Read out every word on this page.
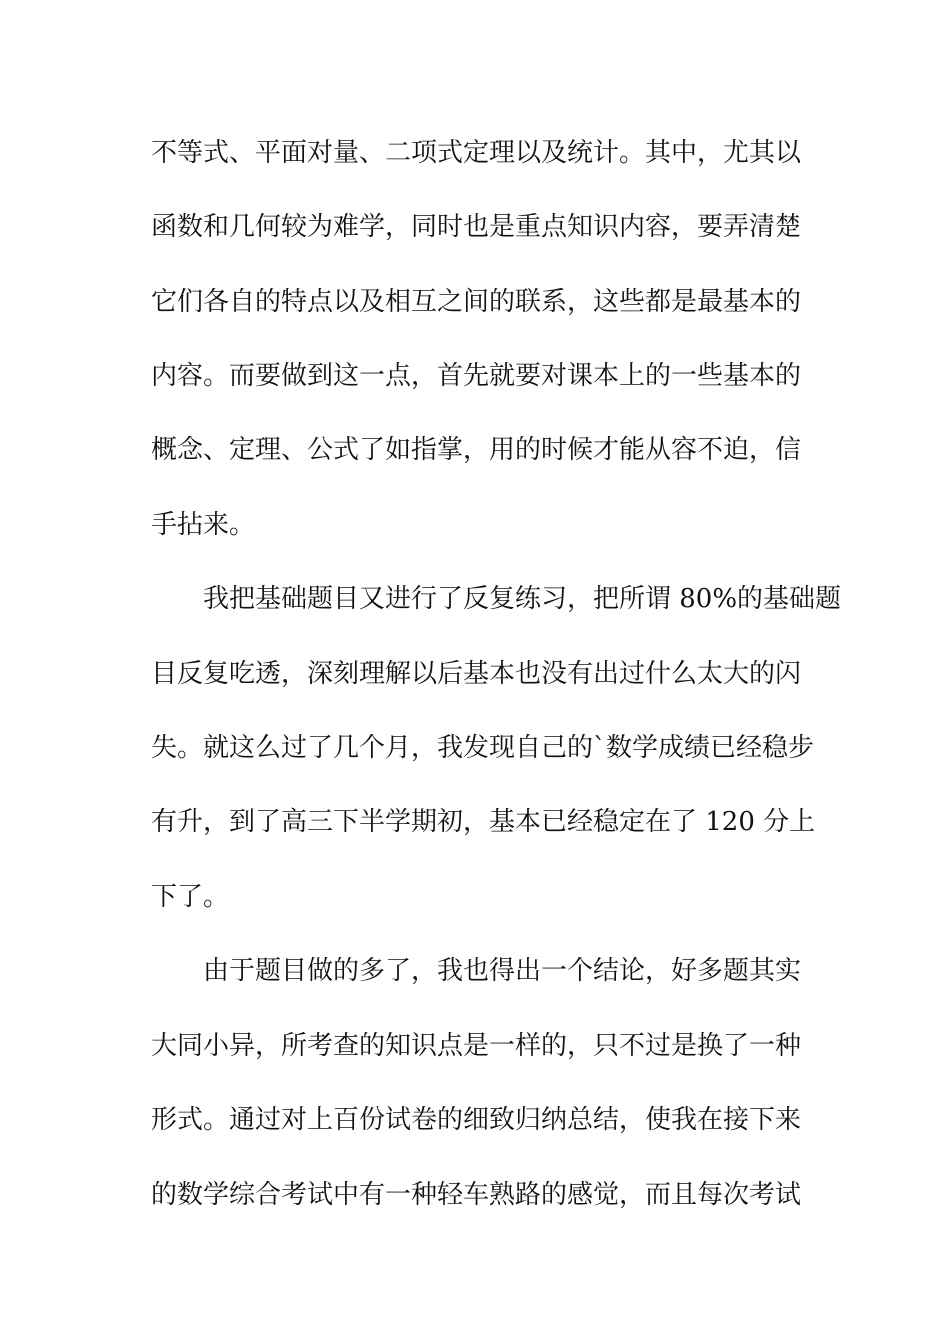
不等式、平面对量、二项式定理以及统计。其中，尤其以
函数和几何较为难学，同时也是重点知识内容，要弄清楚
它们各自的特点以及相互之间的联系，这些都是最基本的
内容。而要做到这一点，首先就要对课本上的一些基本的
概念、定理、公式了如指掌，用的时候才能从容不迫，信
手拈来。
我把基础题目又进行了反复练习，把所谓 80%的基础题
目反复吃透，深刻理解以后基本也没有出过什么太大的闪
失。就这么过了几个月，我发现自己的`数学成绩已经稳步
有升，到了高三下半学期初，基本已经稳定在了 120 分上
下了。
由于题目做的多了，我也得出一个结论，好多题其实
大同小异，所考查的知识点是一样的，只不过是换了一种
形式。通过对上百份试卷的细致归纳总结，使我在接下来
的数学综合考试中有一种轻车熟路的感觉，而且每次考试
